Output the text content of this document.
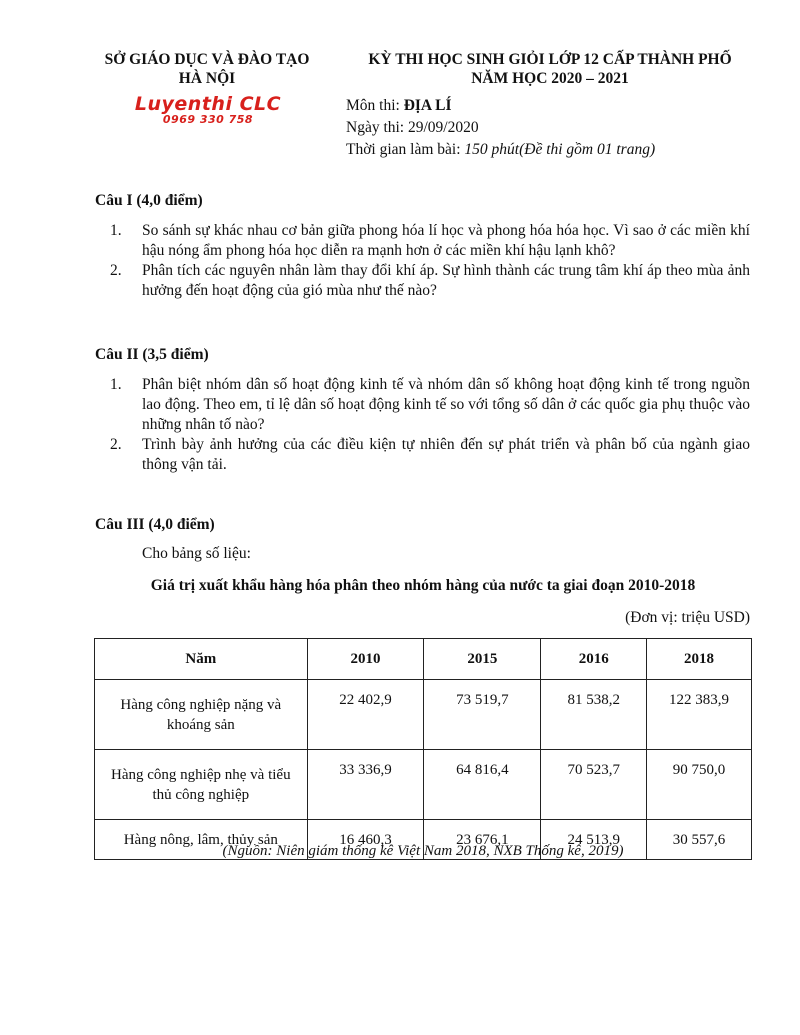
SỞ GIÁO DỤC VÀ ĐÀO TẠO
HÀ NỘI
KỲ THI HỌC SINH GIỎI LỚP 12 CẤP THÀNH PHỐ
NĂM HỌC 2020 – 2021
Luyenthi CLC
0969 330 758
Môn thi: ĐỊA LÍ
Ngày thi: 29/09/2020
Thời gian làm bài: 150 phút(Đề thi gồm 01 trang)
Câu I (4,0 điểm)
1. So sánh sự khác nhau cơ bản giữa phong hóa lí học và phong hóa hóa học. Vì sao ở các miền khí hậu nóng ẩm phong hóa học diễn ra mạnh hơn ở các miền khí hậu lạnh khô?
2. Phân tích các nguyên nhân làm thay đổi khí áp. Sự hình thành các trung tâm khí áp theo mùa ảnh hưởng đến hoạt động của gió mùa như thế nào?
Câu II (3,5 điểm)
1. Phân biệt nhóm dân số hoạt động kinh tế và nhóm dân số không hoạt động kinh tế trong nguồn lao động. Theo em, tỉ lệ dân số hoạt động kinh tế so với tổng số dân ở các quốc gia phụ thuộc vào những nhân tố nào?
2. Trình bày ảnh hưởng của các điều kiện tự nhiên đến sự phát triển và phân bố của ngành giao thông vận tải.
Câu III (4,0 điểm)
Cho bảng số liệu:
Giá trị xuất khẩu hàng hóa phân theo nhóm hàng của nước ta giai đoạn 2010-2018
(Đơn vị: triệu USD)
Năm	2010	2015	2016	2018
Hàng công nghiệp nặng và khoáng sản	22 402,9	73 519,7	81 538,2	122 383,9
Hàng công nghiệp nhẹ và tiểu thủ công nghiệp	33 336,9	64 816,4	70 523,7	90 750,0
Hàng nông, lâm, thủy sản	16 460,3	23 676,1	24 513,9	30 557,6
(Nguồn: Niên giám thống kê Việt Nam 2018, NXB Thống kê, 2019)
